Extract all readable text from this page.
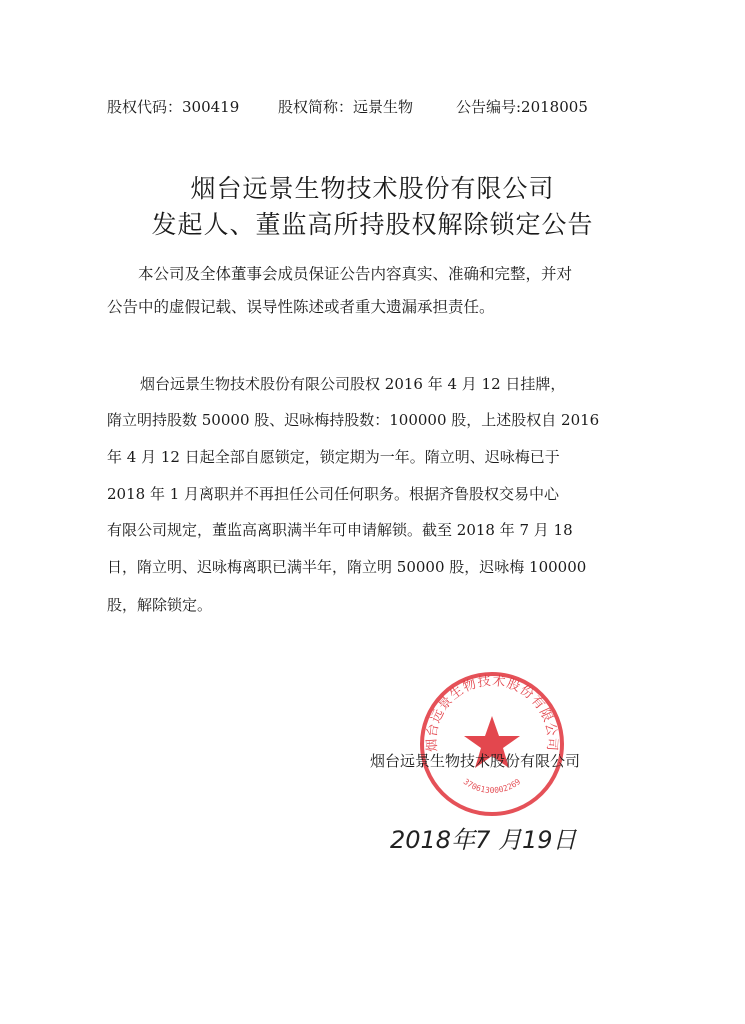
股权代码：300419	股权简称：远景生物	公告编号:2018005
烟台远景生物技术股份有限公司
发起人、董监高所持股权解除锁定公告
本公司及全体董事会成员保证公告内容真实、准确和完整，并对
公告中的虚假记载、误导性陈述或者重大遗漏承担责任。
烟台远景生物技术股份有限公司股权 2016 年 4 月 12 日挂牌，
隋立明持股数 50000 股、迟咏梅持股数：100000 股，上述股权自 2016
年 4 月 12 日起全部自愿锁定，锁定期为一年。隋立明、迟咏梅已于
2018 年 1 月离职并不再担任公司任何职务。根据齐鲁股权交易中心
有限公司规定，董监高离职满半年可申请解锁。截至 2018 年 7 月 18
日，隋立明、迟咏梅离职已满半年，隋立明 50000 股，迟咏梅 100000
股，解除锁定。
烟台远景生物技术股份有限公司
3706130002269
烟台远景生物技术股份有限公司
2018年7 月19日
